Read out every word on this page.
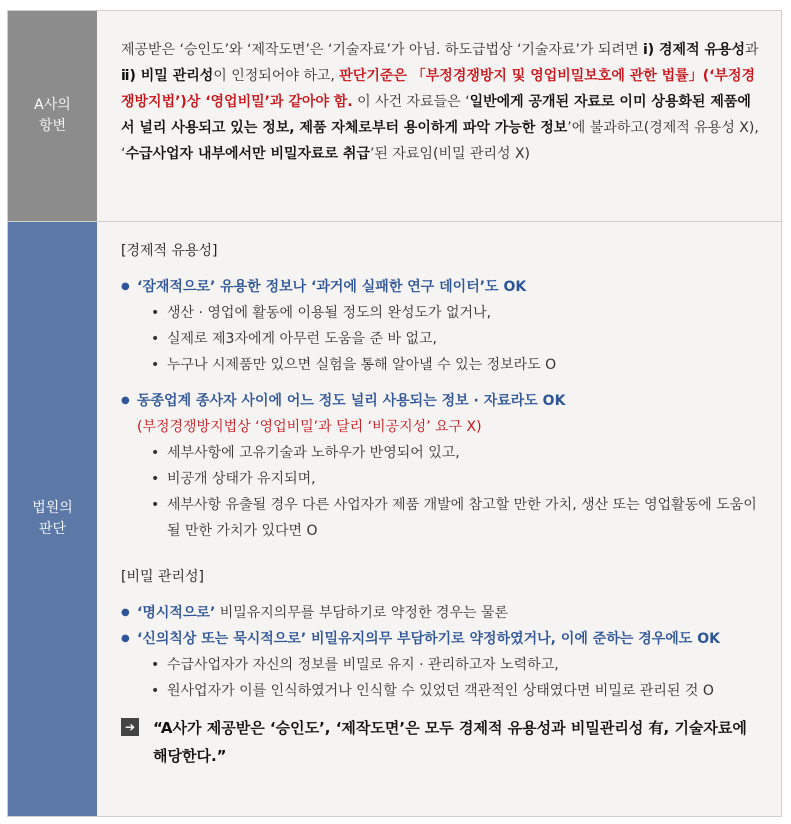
A사의
항변
제공받은 ‘승인도’와 ‘제작도면’은 ‘기술자료’가 아님. 하도급법상 ‘기술자료’가 되려면 ⅰ) 경제적 유용성과 ⅱ) 비밀 관리성이 인정되어야 하고, 판단기준은 「부정경쟁방지 및 영업비밀보호에 관한 법률」(‘부정경쟁방지법’)상 ‘영업비밀’과 같아야 함. 이 사건 자료들은 ‘일반에게 공개된 자료로 이미 상용화된 제품에서 널리 사용되고 있는 정보, 제품 자체로부터 용이하게 파악 가능한 정보’에 불과하고(경제적 유용성 X), ‘수급사업자 내부에서만 비밀자료로 취급’된 자료임(비밀 관리성 X)
법원의
판단

[경제적 유용성]

● ‘잠재적으로’ 유용한 정보나 ‘과거에 실패한 연구 데이터’도 OK

• 생산 · 영업에 활동에 이용될 정도의 완성도가 없거나,
• 실제로 제3자에게 아무런 도움을 준 바 없고,
• 누구나 시제품만 있으면 실험을 통해 알아낼 수 있는 정보라도 O

● 동종업계 종사자 사이에 어느 정도 널리 사용되는 정보 · 자료라도 OK

(부정경쟁방지법상 ‘영업비밀’과 달리 ‘비공지성’ 요구 X)

• 세부사항에 고유기술과 노하우가 반영되어 있고,
• 비공개 상태가 유지되며,
• 세부사항 유출될 경우 다른 사업자가 제품 개발에 참고할 만한 가치, 생산 또는 영업활동에 도움이 될 만한 가치가 있다면 O

[비밀 관리성]

● ‘명시적으로’ 비밀유지의무를 부담하기로 약정한 경우는 물론

● ‘신의칙상 또는 묵시적으로’ 비밀유지의무 부담하기로 약정하였거나, 이에 준하는 경우에도 OK

• 수급사업자가 자신의 정보를 비밀로 유지 · 관리하고자 노력하고,
• 원사업자가 이를 인식하였거나 인식할 수 있었던 객관적인 상태였다면 비밀로 관리된 것 O
➔ “A사가 제공받은 ‘승인도’, ‘제작도면’은 모두 경제적 유용성과 비밀관리성 有, 기술자료에 해당한다.”
